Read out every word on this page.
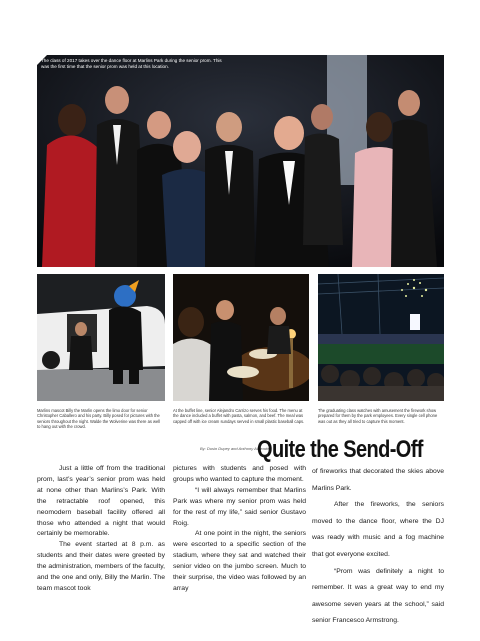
The class of 2017 takes over the dance floor at Marlins Park during the senior prom. This was the first time that the senior prom was held at this location.
Marlins mascot Billy the Marlin opens the limo door for senior Christopher Caballero and his party. Billy posed for pictures with the seniors throughout the night. Walde the Wolverine was there as well to hang out with the crowd.
At the buffet line, senior Alejandro Carrizo serves his food. The menu at the dance included a buffet with pasta, salmon, and beef. The meal was capped off with ice cream sundays served in small plastic baseball caps.
The graduating class watches with amusement the firework show prepared for them by the park employees. Every single cell phone was out as they all tried to capture this moment.
By: Dusin Dupey and Anthony Abreadez
Quite the Send-Off

Just a little off from the traditional prom, last’s year’s senior prom was held at none other than Marlins’s Park. With the retractable roof opened, this neomodern baseball facility offered all those who attended a night that would certainly be memorable.

The event started at 8 p.m. as students and their dates were greeted by the administration, members of the faculty, and the one and only, Billy the Marlin. The team mascot took

pictures with students and posed with groups who wanted to capture the moment.

“I will always remember that Marlins Park was where my senior prom was held for the rest of my life,” said senior Gustavo Roig.

At one point in the night, the seniors were escorted to a specific section of the stadium, where they sat and watched their senior video on the jumbo screen. Much to their surprise, the video was followed by an array

of fireworks that decorated the skies above Marlins Park.

After the fireworks, the seniors moved to the dance floor, where the DJ was ready with music and a fog machine that got everyone excited.

“Prom was definitely a night to remember. It was a great way to end my awesome seven years at the school,” said senior Francesco Armstrong.
